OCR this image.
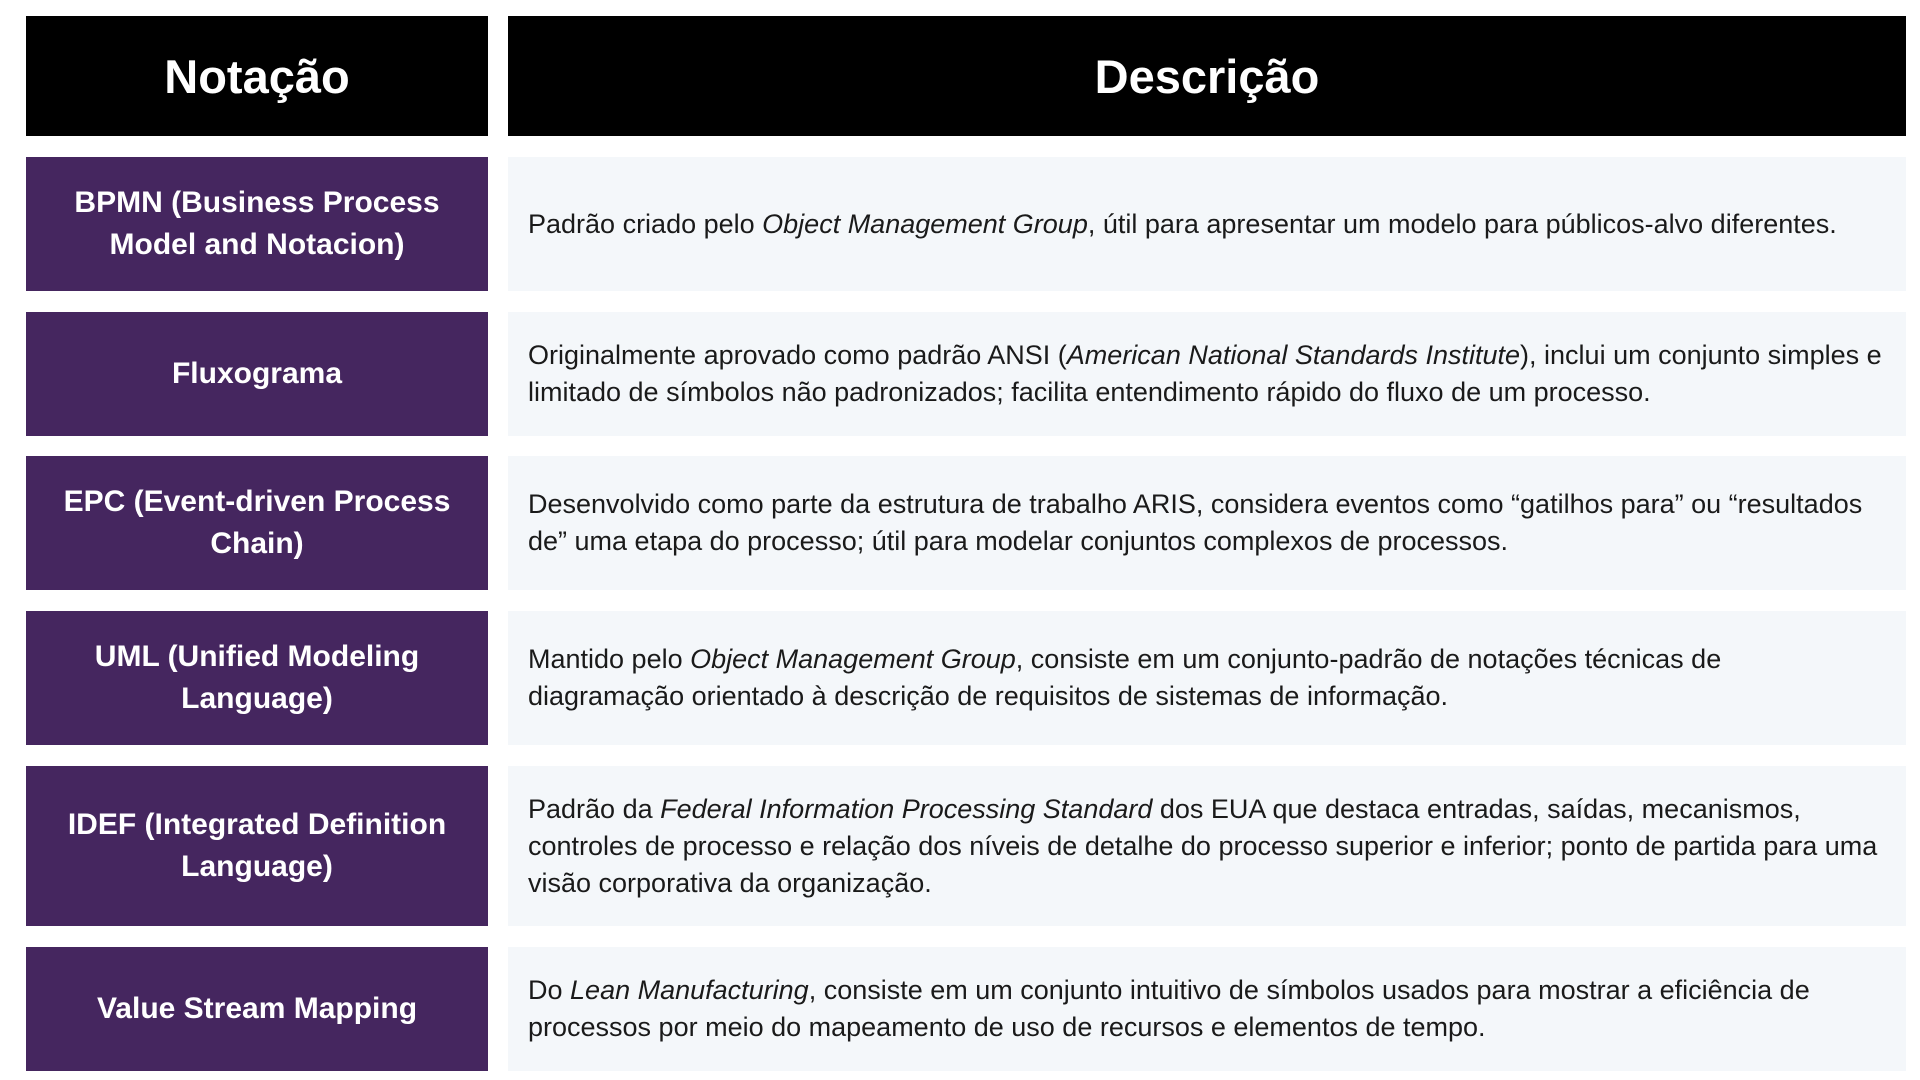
Notação	Descrição
BPMN (Business Process Model and Notacion)

Padrão criado pelo Object Management Group, útil para apresentar um modelo para públicos-alvo diferentes.

Fluxograma

Originalmente aprovado como padrão ANSI (American National Standards Institute), inclui um conjunto simples e limitado de símbolos não padronizados; facilita entendimento rápido do fluxo de um processo.

EPC (Event-driven Process Chain)

Desenvolvido como parte da estrutura de trabalho ARIS, considera eventos como “gatilhos para” ou “resultados de” uma etapa do processo; útil para modelar conjuntos complexos de processos.

UML (Unified Modeling Language)

Mantido pelo Object Management Group, consiste em um conjunto-padrão de notações técnicas de diagramação orientado à descrição de requisitos de sistemas de informação.

IDEF (Integrated Definition Language)

Padrão da Federal Information Processing Standard dos EUA que destaca entradas, saídas, mecanismos, controles de processo e relação dos níveis de detalhe do processo superior e inferior; ponto de partida para uma visão corporativa da organização.

Value Stream Mapping

Do Lean Manufacturing, consiste em um conjunto intuitivo de símbolos usados para mostrar a eficiência de processos por meio do mapeamento de uso de recursos e elementos de tempo.
